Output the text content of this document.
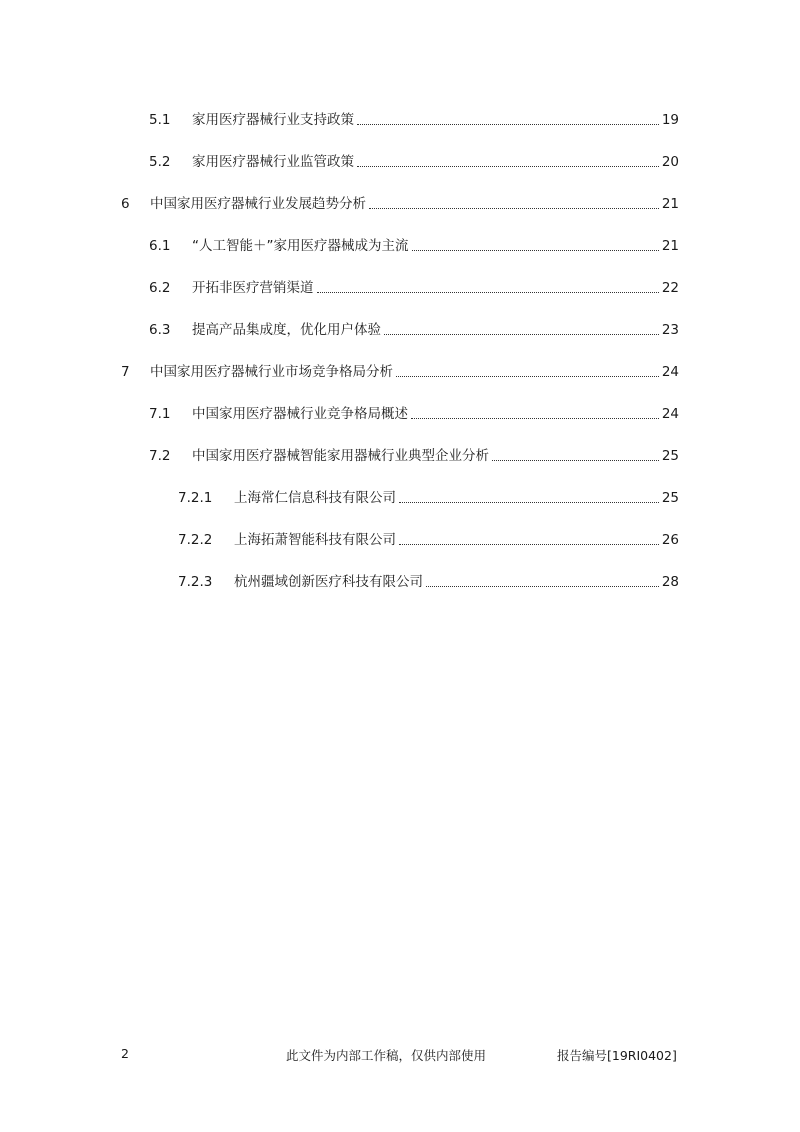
5.1	家用医疗器械行业支持政策	19
5.2	家用医疗器械行业监管政策	20
6	中国家用医疗器械行业发展趋势分析	21
6.1	“人工智能＋”家用医疗器械成为主流	21
6.2	开拓非医疗营销渠道	22
6.3	提高产品集成度，优化用户体验	23
7	中国家用医疗器械行业市场竞争格局分析	24
7.1	中国家用医疗器械行业竞争格局概述	24
7.2	中国家用医疗器械智能家用器械行业典型企业分析	25
7.2.1	上海常仁信息科技有限公司	25
7.2.2	上海拓萧智能科技有限公司	26
7.2.3	杭州疆域创新医疗科技有限公司	28
2	此文件为内部工作稿，仅供内部使用	报告编号[19RI0402]
